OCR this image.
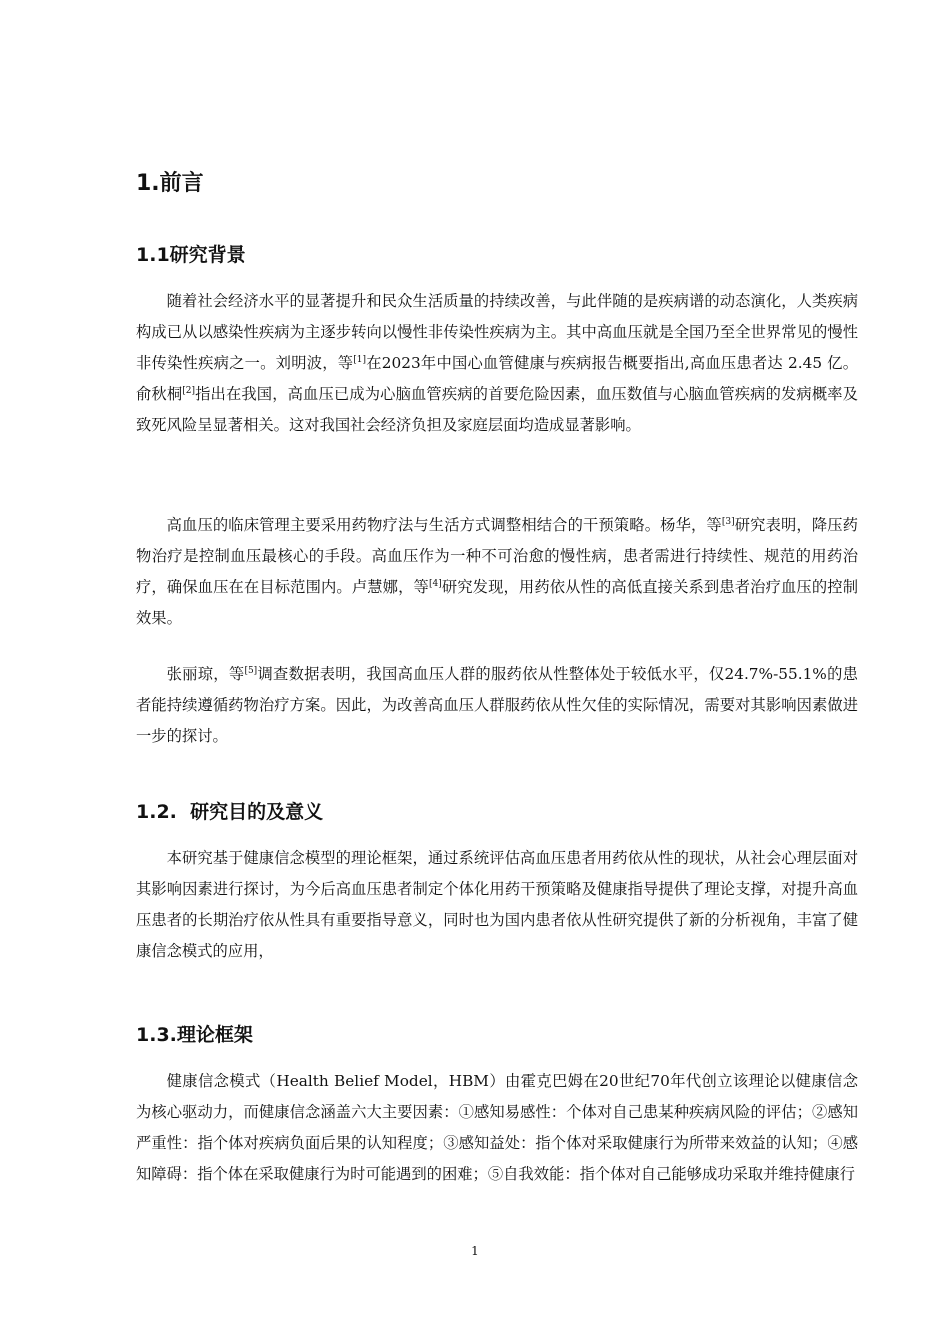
1.前言
1.1研究背景

随着社会经济水平的显著提升和民众生活质量的持续改善，与此伴随的是疾病谱的动态演化，人类疾病构成已从以感染性疾病为主逐步转向以慢性非传染性疾病为主。其中高血压就是全国乃至全世界常见的慢性非传染性疾病之一。刘明波，等[1]在2023年中国心血管健康与疾病报告概要指出,高血压患者达 2.45 亿。俞秋桐[2]指出在我国，高血压已成为心脑血管疾病的首要危险因素，血压数值与心脑血管疾病的发病概率及致死风险呈显著相关。这对我国社会经济负担及家庭层面均造成显著影响。

高血压的临床管理主要采用药物疗法与生活方式调整相结合的干预策略。杨华，等[3]研究表明，降压药物治疗是控制血压最核心的手段。高血压作为一种不可治愈的慢性病，患者需进行持续性、规范的用药治疗，确保血压在在目标范围内。卢慧娜，等[4]研究发现，用药依从性的高低直接关系到患者治疗血压的控制效果。

张丽琼，等[5]调查数据表明，我国高血压人群的服药依从性整体处于较低水平，仅24.7%-55.1%的患者能持续遵循药物治疗方案。因此，为改善高血压人群服药依从性欠佳的实际情况，需要对其影响因素做进一步的探讨。

1.2.  研究目的及意义

本研究基于健康信念模型的理论框架，通过系统评估高血压患者用药依从性的现状，从社会心理层面对其影响因素进行探讨，为今后高血压患者制定个体化用药干预策略及健康指导提供了理论支撑，对提升高血压患者的长期治疗依从性具有重要指导意义，同时也为国内患者依从性研究提供了新的分析视角，丰富了健康信念模式的应用，

1.3.理论框架

健康信念模式（Health Belief Model，HBM）由霍克巴姆在20世纪70年代创立该理论以健康信念为核心驱动力，而健康信念涵盖六大主要因素：①感知易感性：个体对自己患某种疾病风险的评估；②感知严重性：指个体对疾病负面后果的认知程度；③感知益处：指个体对采取健康行为所带来效益的认知；④感知障碍：指个体在采取健康行为时可能遇到的困难；⑤自我效能：指个体对自己能够成功采取并维持健康行

1
